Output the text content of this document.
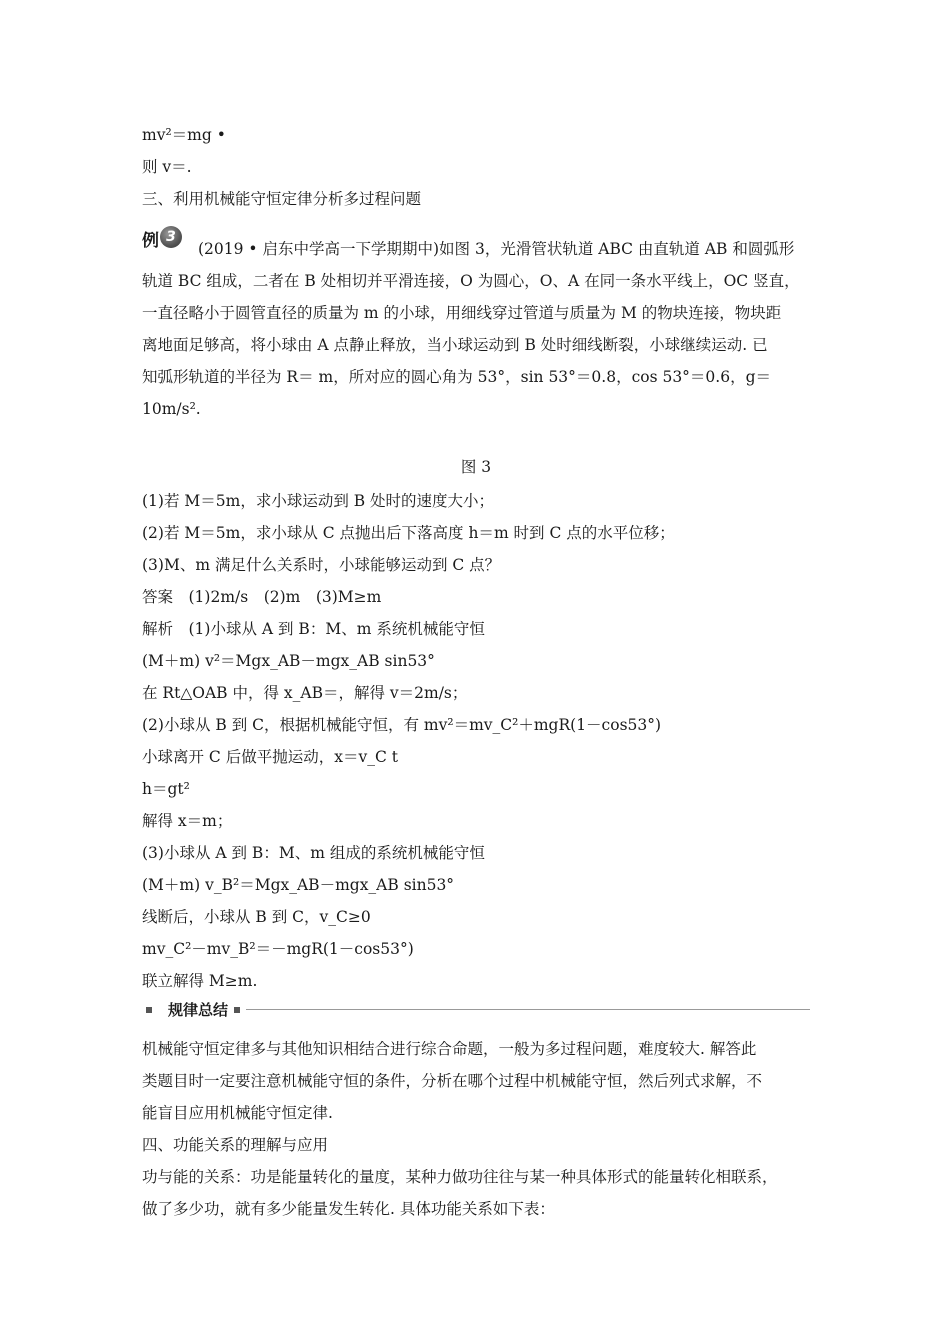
mv²＝mg •
则 v＝.
三、利用机械能守恒定律分析多过程问题
例 3
(2019 • 启东中学高一下学期期中)如图 3，光滑管状轨道 ABC 由直轨道 AB 和圆弧形
轨道 BC 组成，二者在 B 处相切并平滑连接，O 为圆心，O、A 在同一条水平线上，OC 竖直，
一直径略小于圆管直径的质量为 m 的小球，用细线穿过管道与质量为 M 的物块连接，物块距
离地面足够高，将小球由 A 点静止释放，当小球运动到 B 处时细线断裂，小球继续运动. 已
知弧形轨道的半径为 R＝ m，所对应的圆心角为 53°，sin 53°＝0.8，cos 53°＝0.6，g＝
10m/s².
图 3
(1)若 M＝5m，求小球运动到 B 处时的速度大小；
(2)若 M＝5m，求小球从 C 点抛出后下落高度 h＝m 时到 C 点的水平位移；
(3)M、m 满足什么关系时，小球能够运动到 C 点？
答案　(1)2m/s　(2)m　(3)M≥m
解析　(1)小球从 A 到 B：M、m 系统机械能守恒
(M＋m) v²＝Mgx_AB－mgx_AB sin53°
在 Rt△OAB 中，得 x_AB＝，解得 v＝2m/s；
(2)小球从 B 到 C，根据机械能守恒，有 mv²＝mv_C²＋mgR(1－cos53°)
小球离开 C 后做平抛运动，x＝v_C t
h＝gt²
解得 x＝m；
(3)小球从 A 到 B：M、m 组成的系统机械能守恒
(M＋m) v_B²＝Mgx_AB－mgx_AB sin53°
线断后，小球从 B 到 C，v_C≥0
mv_C²－mv_B²＝－mgR(1－cos53°)
联立解得 M≥m.
规律总结
机械能守恒定律多与其他知识相结合进行综合命题，一般为多过程问题，难度较大. 解答此
类题目时一定要注意机械能守恒的条件，分析在哪个过程中机械能守恒，然后列式求解，不
能盲目应用机械能守恒定律.
四、功能关系的理解与应用
功与能的关系：功是能量转化的量度，某种力做功往往与某一种具体形式的能量转化相联系，
做了多少功，就有多少能量发生转化. 具体功能关系如下表：
